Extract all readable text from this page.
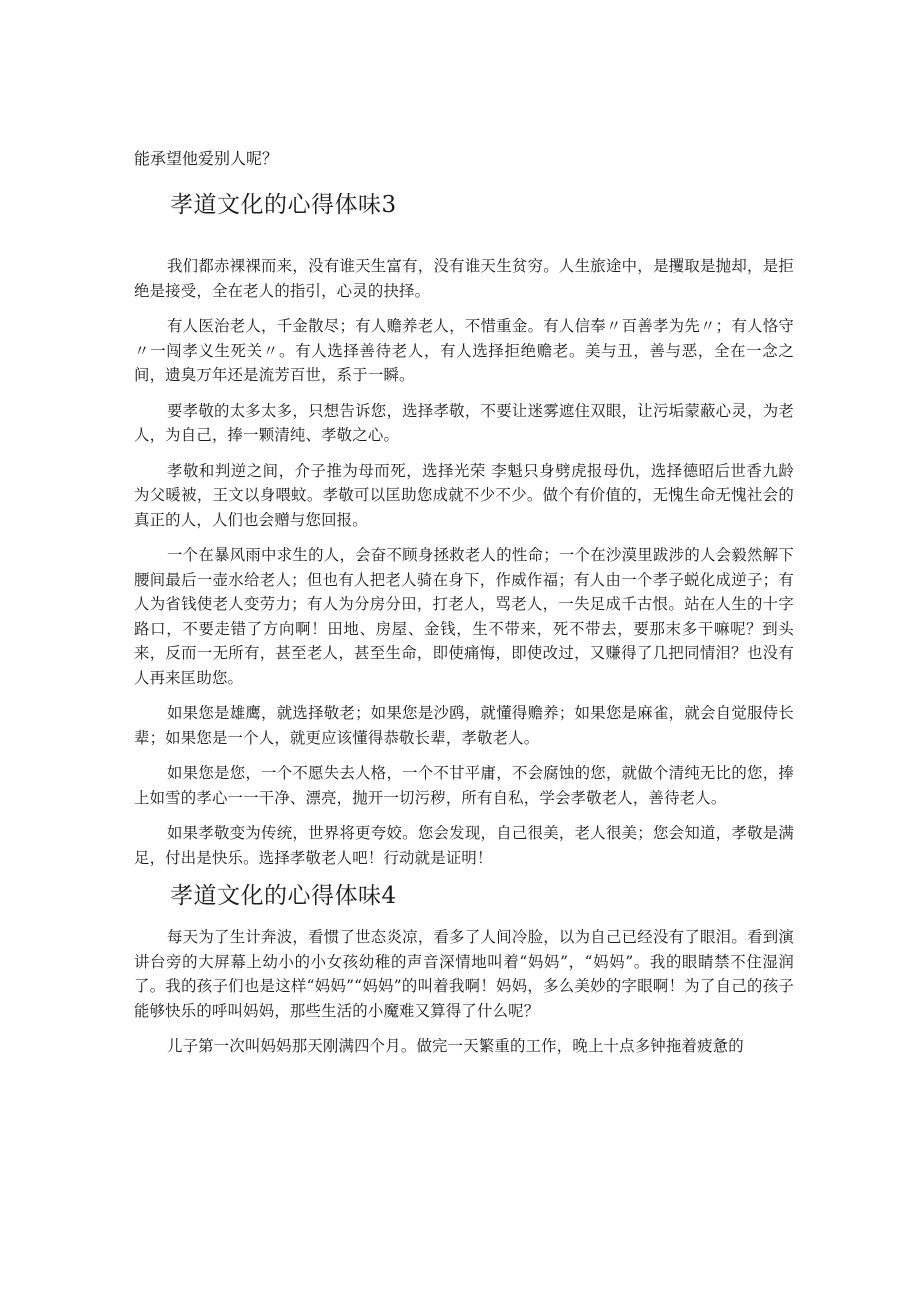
能承望他爱别人呢？
孝道文化的心得体味3

我们都赤裸裸而来，没有谁天生富有，没有谁天生贫穷。人生旅途中，是攫取是抛却，是拒绝是接受，全在老人的指引，心灵的抉择。

有人医治老人，千金散尽；有人赡养老人，不惜重金。有人信奉〃百善孝为先〃；有人恪守〃一闯孝义生死关〃。有人选择善待老人，有人选择拒绝赡老。美与丑，善与恶，全在一念之间，遗臭万年还是流芳百世，系于一瞬。

要孝敬的太多太多，只想告诉您，选择孝敬，不要让迷雾遮住双眼，让污垢蒙蔽心灵，为老人，为自己，捧一颗清纯、孝敬之心。

孝敬和判逆之间，介子推为母而死，选择光荣 李魁只身劈虎报母仇，选择德昭后世香九龄为父暖被，王文以身喂蚊。孝敬可以匡助您成就不少不少。做个有价值的，无愧生命无愧社会的真正的人，人们也会赠与您回报。

一个在暴风雨中求生的人，会奋不顾身拯救老人的性命；一个在沙漠里跋涉的人会毅然解下腰间最后一壶水给老人；但也有人把老人骑在身下，作威作福；有人由一个孝子蜕化成逆子；有人为省钱使老人变劳力；有人为分房分田，打老人，骂老人，一失足成千古恨。站在人生的十字路口，不要走错了方向啊！田地、房屋、金钱，生不带来，死不带去，要那末多干嘛呢？到头来，反而一无所有，甚至老人，甚至生命，即使痛悔，即使改过，又赚得了几把同情泪？也没有人再来匡助您。

如果您是雄鹰，就选择敬老；如果您是沙鸥，就懂得赡养；如果您是麻雀，就会自觉服侍长辈；如果您是一个人，就更应该懂得恭敬长辈，孝敬老人。

如果您是您，一个不愿失去人格，一个不甘平庸，不会腐蚀的您，就做个清纯无比的您，捧上如雪的孝心一一干净、漂亮，抛开一切污秽，所有自私，学会孝敬老人，善待老人。

如果孝敬变为传统，世界将更夸姣。您会发现，自己很美，老人很美；您会知道，孝敬是满足，付出是快乐。选择孝敬老人吧！行动就是证明！

孝道文化的心得体味4

每天为了生计奔波，看惯了世态炎凉，看多了人间冷脸，以为自己已经没有了眼泪。看到演讲台旁的大屏幕上幼小的小女孩幼稚的声音深情地叫着“妈妈”，“妈妈”。我的眼睛禁不住湿润了。我的孩子们也是这样“妈妈”“妈妈”的叫着我啊！妈妈，多么美妙的字眼啊！为了自己的孩子能够快乐的呼叫妈妈，那些生活的小魔难又算得了什么呢？

儿子第一次叫妈妈那天刚满四个月。做完一天繁重的工作，晚上十点多钟拖着疲惫的
